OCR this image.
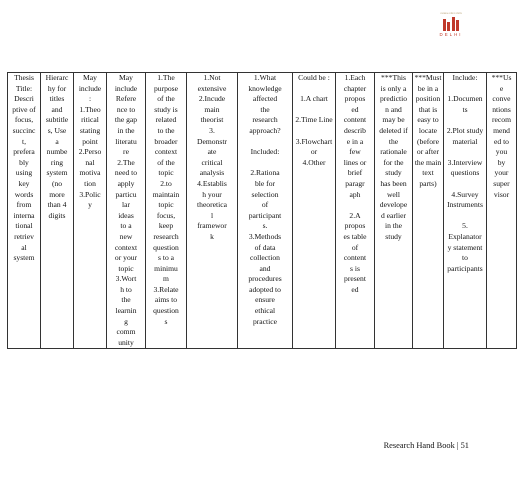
GLOBAL EDUCATION
DELHI
Thesis
Title:
Descri
ptive of
focus,
succinc
t,
prefera
bly
using
key
words
from
interna
tional
retriev
al
system

Hierarc
hy for
titles
and
subtitle
s, Use
a
numbe
ring
system
(no
more
than 4
digits

May
include
:
1.Theo
ritical
stating
point
2.Perso
nal
motiva
tion
3.Polic
y

May
include
Refere
nce to
the gap
in the
literatu
re
2.The
need to
apply
particu
lar
ideas
to a
new
context
or your
topic
3.Wort
h to
the
learnin
g
comm
unity

1.The
purpose
of the
study is
related
to the
broader
context
of the
topic
2.to
maintain
topic
focus,
keep
research
question
s to a
minimu
m
3.Relate
aims to
question
s

1.Not
extensive
2.Incude
main
theorist
3.
Demonstr
ate
critical
analysis
4.Establis
h your
theoretica
l
framewor
k

1.What
knowledge
affected
the
research
approach?

Included:

2.Rationa
ble for
selection
of
participant
s.
3.Methods
of data
collection
and
procedures
adopted to
ensure
ethical
practice

Could be :

1.A chart

2.Time Line

3.Flowchart
or
4.Other

1.Each
chapter
propos
ed
content
describ
e in a
few
lines or
brief
paragr
aph

2.A
propos
es table
of
content
s is
present
ed

***This
is only a
predictio
n and
may be
deleted if
the
rationale
for the
study
has been
well
develope
d earlier
in the
study

***Must
be in a
position
that is
easy to
locate
(before
or after
the main
text
parts)

Include:

1.Documen
ts

2.Plot study
material

3.Interview
questions

4.Survey
Instruments

5.
Explanator
y statement
to
participants

***Us
e
conve
ntions
recom
mend
ed to
you
by
your
super
visor
Research Hand Book | 51
